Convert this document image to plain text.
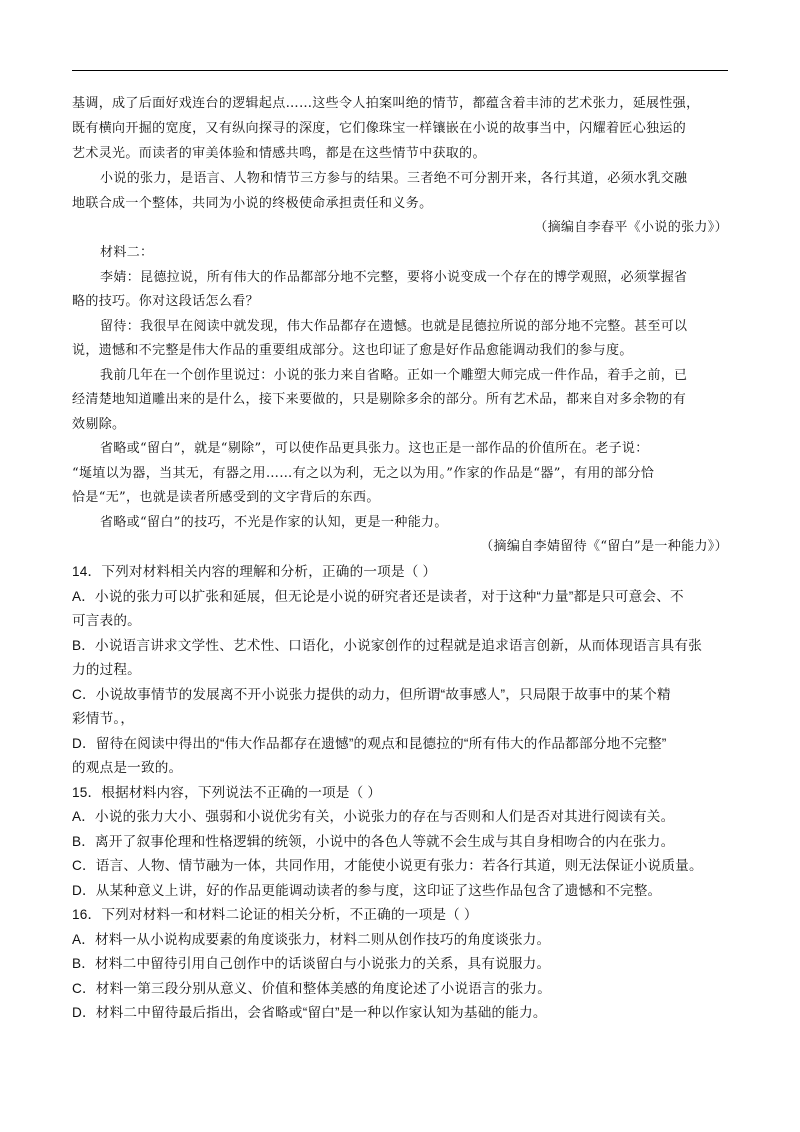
基调，成了后面好戏连台的逻辑起点……这些令人拍案叫绝的情节，都蕴含着丰沛的艺术张力，延展性强，
既有横向开掘的宽度，又有纵向探寻的深度，它们像珠宝一样镶嵌在小说的故事当中，闪耀着匠心独运的
艺术灵光。而读者的审美体验和情感共鸣，都是在这些情节中获取的。
小说的张力，是语言、人物和情节三方参与的结果。三者绝不可分割开来，各行其道，必须水乳交融
地联合成一个整体，共同为小说的终极使命承担责任和义务。
（摘编自李春平《小说的张力》）
材料二：
李婧：昆德拉说，所有伟大的作品都部分地不完整，要将小说变成一个存在的博学观照，必须掌握省
略的技巧。你对这段话怎么看？
留待：我很早在阅读中就发现，伟大作品都存在遗憾。也就是昆德拉所说的部分地不完整。甚至可以
说，遗憾和不完整是伟大作品的重要组成部分。这也印证了愈是好作品愈能调动我们的参与度。
我前几年在一个创作里说过：小说的张力来自省略。正如一个雕塑大师完成一件作品，着手之前，已
经清楚地知道雕出来的是什么，接下来要做的，只是剔除多余的部分。所有艺术品，都来自对多余物的有
效剔除。
省略或“留白”，就是“剔除”，可以使作品更具张力。这也正是一部作品的价值所在。老子说：
“埏埴以为器，当其无，有器之用……有之以为利，无之以为用。”作家的作品是“器”，有用的部分恰
恰是“无”，也就是读者所感受到的文字背后的东西。
省略或“留白”的技巧，不光是作家的认知，更是一种能力。
（摘编自李婧留待《“留白”是一种能力》）
14．下列对材料相关内容的理解和分析，正确的一项是（ ）
A．小说的张力可以扩张和延展，但无论是小说的研究者还是读者，对于这种“力量”都是只可意会、不
可言表的。
B．小说语言讲求文学性、艺术性、口语化，小说家创作的过程就是追求语言创新，从而体现语言具有张
力的过程。
C．小说故事情节的发展离不开小说张力提供的动力，但所谓“故事感人”，只局限于故事中的某个精
彩情节。，
D．留待在阅读中得出的“伟大作品都存在遗憾”的观点和昆德拉的“所有伟大的作品都部分地不完整”
的观点是一致的。
15．根据材料内容，下列说法不正确的一项是（ ）
A．小说的张力大小、强弱和小说优劣有关，小说张力的存在与否则和人们是否对其进行阅读有关。
B．离开了叙事伦理和性格逻辑的统领，小说中的各色人等就不会生成与其自身相吻合的内在张力。
C．语言、人物、情节融为一体，共同作用，才能使小说更有张力：若各行其道，则无法保证小说质量。
D．从某种意义上讲，好的作品更能调动读者的参与度，这印证了这些作品包含了遗憾和不完整。
16．下列对材料一和材料二论证的相关分析，不正确的一项是（ ）
A．材料一从小说构成要素的角度谈张力，材料二则从创作技巧的角度谈张力。
B．材料二中留待引用自己创作中的话谈留白与小说张力的关系，具有说服力。
C．材料一第三段分别从意义、价值和整体美感的角度论述了小说语言的张力。
D．材料二中留待最后指出，会省略或“留白”是一种以作家认知为基础的能力。
